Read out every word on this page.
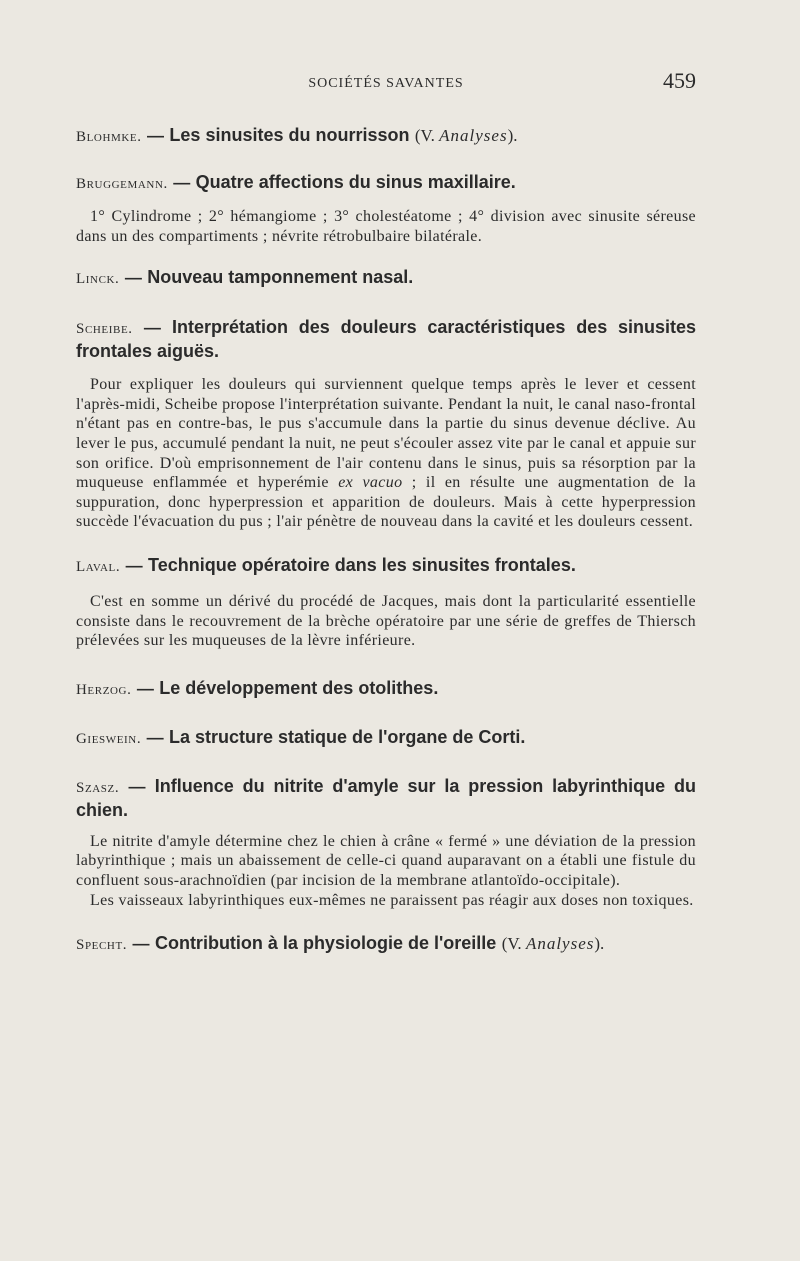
SOCIÉTÉS SAVANTES	459

Blohmke. — Les sinusites du nourrisson (V. Analyses).

Bruggemann. — Quatre affections du sinus maxillaire.

1° Cylindrome ; 2° hémangiome ; 3° cholestéatome ; 4° division avec sinusite séreuse dans un des compartiments ; névrite rétrobulbaire bilatérale.

Linck. — Nouveau tamponnement nasal.

Scheibe. — Interprétation des douleurs caractéristiques des sinusites frontales aiguës.

Pour expliquer les douleurs qui surviennent quelque temps après le lever et cessent l'après-midi, Scheibe propose l'interprétation suivante. Pendant la nuit, le canal naso-frontal n'étant pas en contre-bas, le pus s'accumule dans la partie du sinus devenue déclive. Au lever le pus, accumulé pendant la nuit, ne peut s'écouler assez vite par le canal et appuie sur son orifice. D'où emprisonnement de l'air contenu dans le sinus, puis sa résorption par la muqueuse enflammée et hyperémie ex vacuo ; il en résulte une augmentation de la suppuration, donc hyperpression et apparition de douleurs. Mais à cette hyperpression succède l'évacuation du pus ; l'air pénètre de nouveau dans la cavité et les douleurs cessent.

Laval. — Technique opératoire dans les sinusites frontales.

C'est en somme un dérivé du procédé de Jacques, mais dont la particularité essentielle consiste dans le recouvrement de la brèche opératoire par une série de greffes de Thiersch prélevées sur les muqueuses de la lèvre inférieure.

Herzog. — Le développement des otolithes.

Gieswein. — La structure statique de l'organe de Corti.

Szasz. — Influence du nitrite d'amyle sur la pression labyrinthique du chien.

Le nitrite d'amyle détermine chez le chien à crâne « fermé » une déviation de la pression labyrinthique ; mais un abaissement de celle-ci quand auparavant on a établi une fistule du confluent sous-arachnoïdien (par incision de la membrane atlantoïdo-occipitale).

Les vaisseaux labyrinthiques eux-mêmes ne paraissent pas réagir aux doses non toxiques.

Specht. — Contribution à la physiologie de l'oreille (V. Analyses).
